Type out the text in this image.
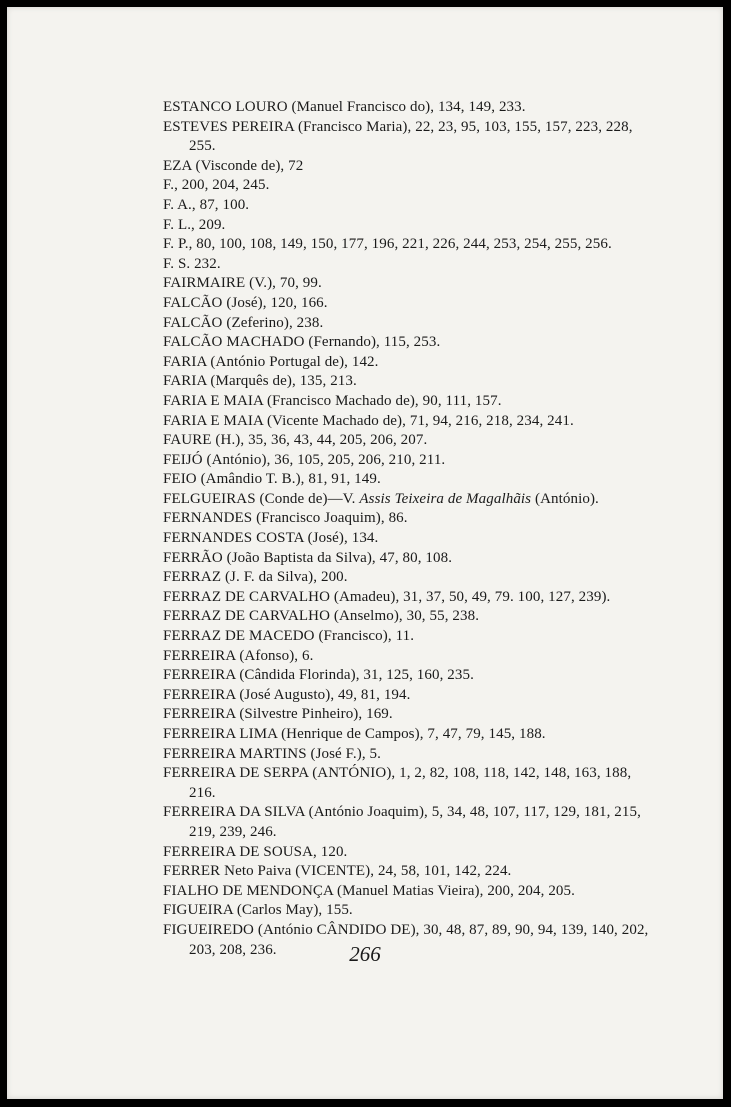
ESTANCO LOURO (Manuel Francisco do), 134, 149, 233.
ESTEVES PEREIRA (Francisco Maria), 22, 23, 95, 103, 155, 157, 223, 228, 255.
EZA (Visconde de), 72
F., 200, 204, 245.
F. A., 87, 100.
F. L., 209.
F. P., 80, 100, 108, 149, 150, 177, 196, 221, 226, 244, 253, 254, 255, 256.
F. S. 232.
FAIRMAIRE (V.), 70, 99.
FALCÃO (José), 120, 166.
FALCÃO (Zeferino), 238.
FALCÃO MACHADO (Fernando), 115, 253.
FARIA (António Portugal de), 142.
FARIA (Marquês de), 135, 213.
FARIA E MAIA (Francisco Machado de), 90, 111, 157.
FARIA E MAIA (Vicente Machado de), 71, 94, 216, 218, 234, 241.
FAURE (H.), 35, 36, 43, 44, 205, 206, 207.
FEIJÓ (António), 36, 105, 205, 206, 210, 211.
FEIO (Amândio T. B.), 81, 91, 149.
FELGUEIRAS (Conde de)—V. Assis Teixeira de Magalhãis (António).
FERNANDES (Francisco Joaquim), 86.
FERNANDES COSTA (José), 134.
FERRÃO (João Baptista da Silva), 47, 80, 108.
FERRAZ (J. F. da Silva), 200.
FERRAZ DE CARVALHO (Amadeu), 31, 37, 50, 49, 79. 100, 127, 239).
FERRAZ DE CARVALHO (Anselmo), 30, 55, 238.
FERRAZ DE MACEDO (Francisco), 11.
FERREIRA (Afonso), 6.
FERREIRA (Cândida Florinda), 31, 125, 160, 235.
FERREIRA (José Augusto), 49, 81, 194.
FERREIRA (Silvestre Pinheiro), 169.
FERREIRA LIMA (Henrique de Campos), 7, 47, 79, 145, 188.
FERREIRA MARTINS (José F.), 5.
FERREIRA DE SERPA (ANTÓNIO), 1, 2, 82, 108, 118, 142, 148, 163, 188, 216.
FERREIRA DA SILVA (António Joaquim), 5, 34, 48, 107, 117, 129, 181, 215, 219, 239, 246.
FERREIRA DE SOUSA, 120.
FERRER Neto Paiva (VICENTE), 24, 58, 101, 142, 224.
FIALHO DE MENDONÇA (Manuel Matias Vieira), 200, 204, 205.
FIGUEIRA (Carlos May), 155.
FIGUEIREDO (António CÂNDIDO DE), 30, 48, 87, 89, 90, 94, 139, 140, 202, 203, 208, 236.	266
